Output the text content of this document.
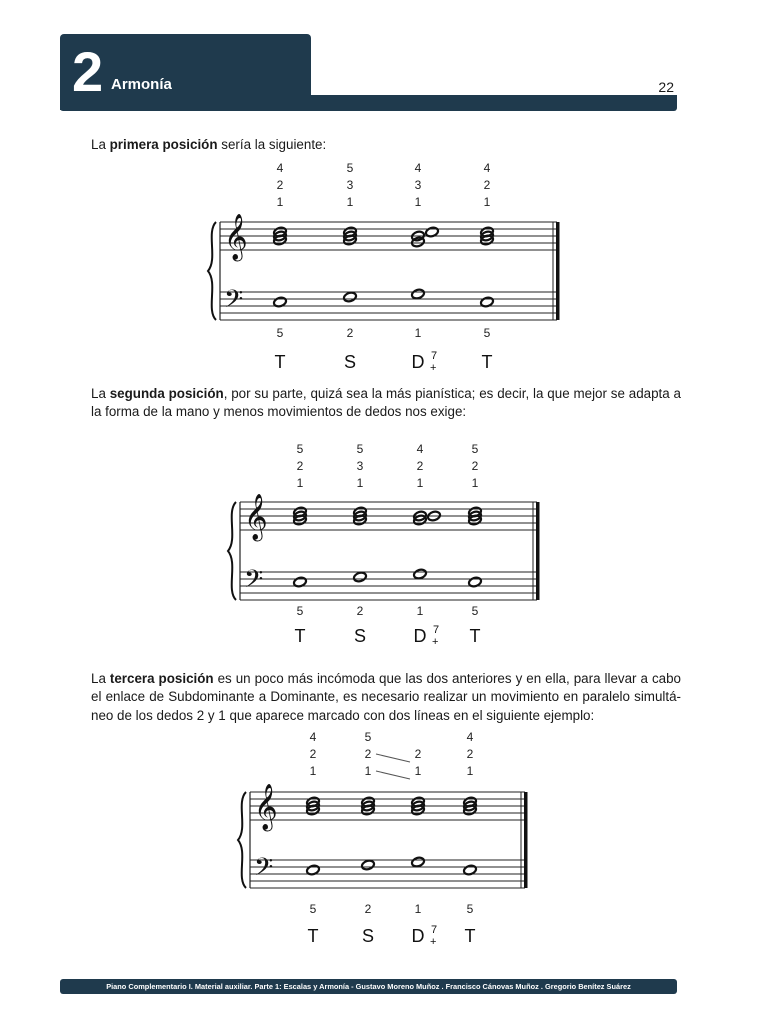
2 Armonía	22

La primera posición sería la siguiente:

𝄞
𝄢
4
2
1
5
T
5
3
1
2
S
4
3
1
1
D 7
+
4
2
1
5
T

La segunda posición, por su parte, quizá sea la más pianística; es decir, la que mejor se adapta a la forma de la mano y menos movimientos de dedos nos exige:

𝄞
𝄢
5
2
1
5
T
5
3
1
2
S
4
2
1
1
D 7
+
5
2
1
5
T

La tercera posición es un poco más incómoda que las dos anteriores y en ella, para llevar a cabo el enlace de Subdominante a Dominante, es necesario realizar un movimiento en paralelo simultá-neo de los dedos 2 y 1 que aparece marcado con dos líneas en el siguiente ejemplo:

𝄞
𝄢
4
2
1
5
T
5
2
1
2
S
2
1
1
D 7
+
4
2
1
5
T
Piano Complementario I. Material auxiliar. Parte 1: Escalas y Armonía - Gustavo Moreno Muñoz . Francisco Cánovas Muñoz . Gregorio Benítez Suárez
